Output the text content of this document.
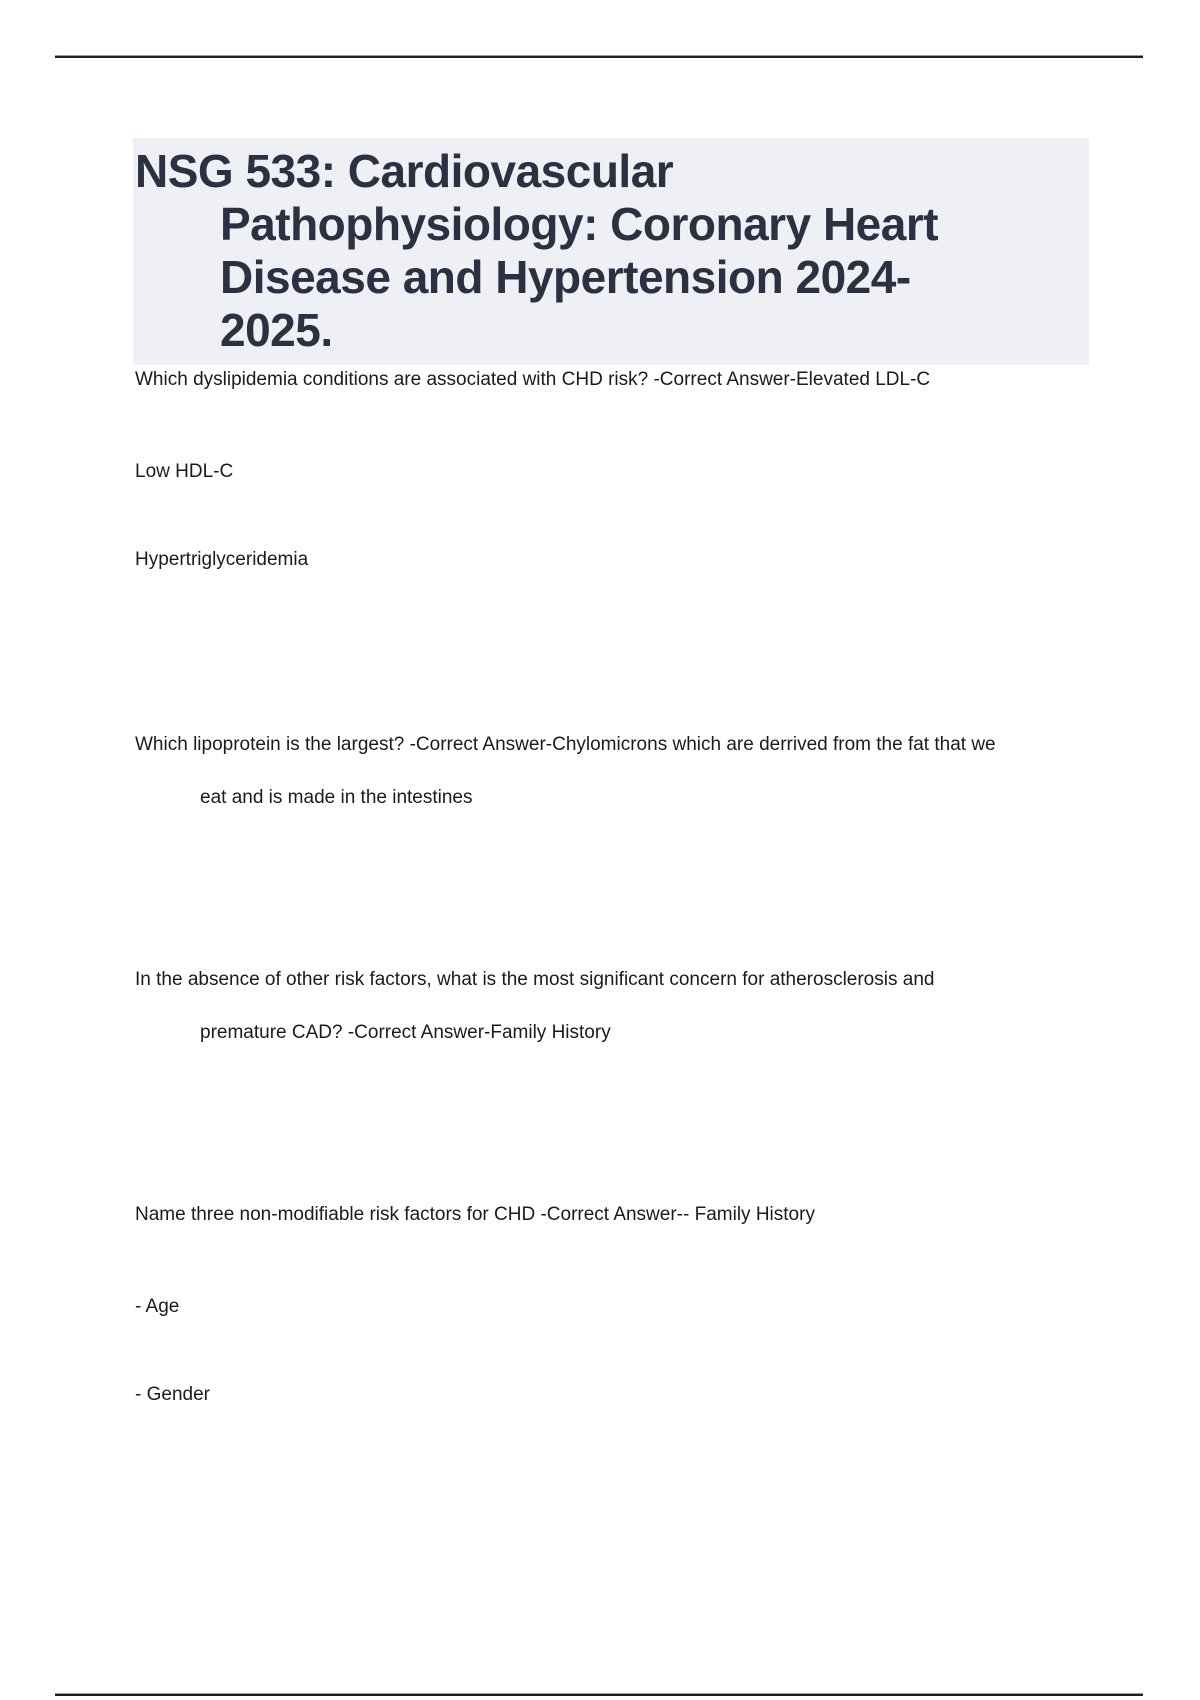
NSG 533: Cardiovascular
Pathophysiology: Coronary Heart
Disease and Hypertension 2024-
2025.
Which dyslipidemia conditions are associated with CHD risk? -Correct Answer-Elevated LDL-C
Low HDL-C
Hypertriglyceridemia
Which lipoprotein is the largest? -Correct Answer-Chylomicrons which are derrived from the fat that we
eat and is made in the intestines
In the absence of other risk factors, what is the most significant concern for atherosclerosis and
premature CAD? -Correct Answer-Family History
Name three non-modifiable risk factors for CHD -Correct Answer-- Family History
- Age
- Gender
